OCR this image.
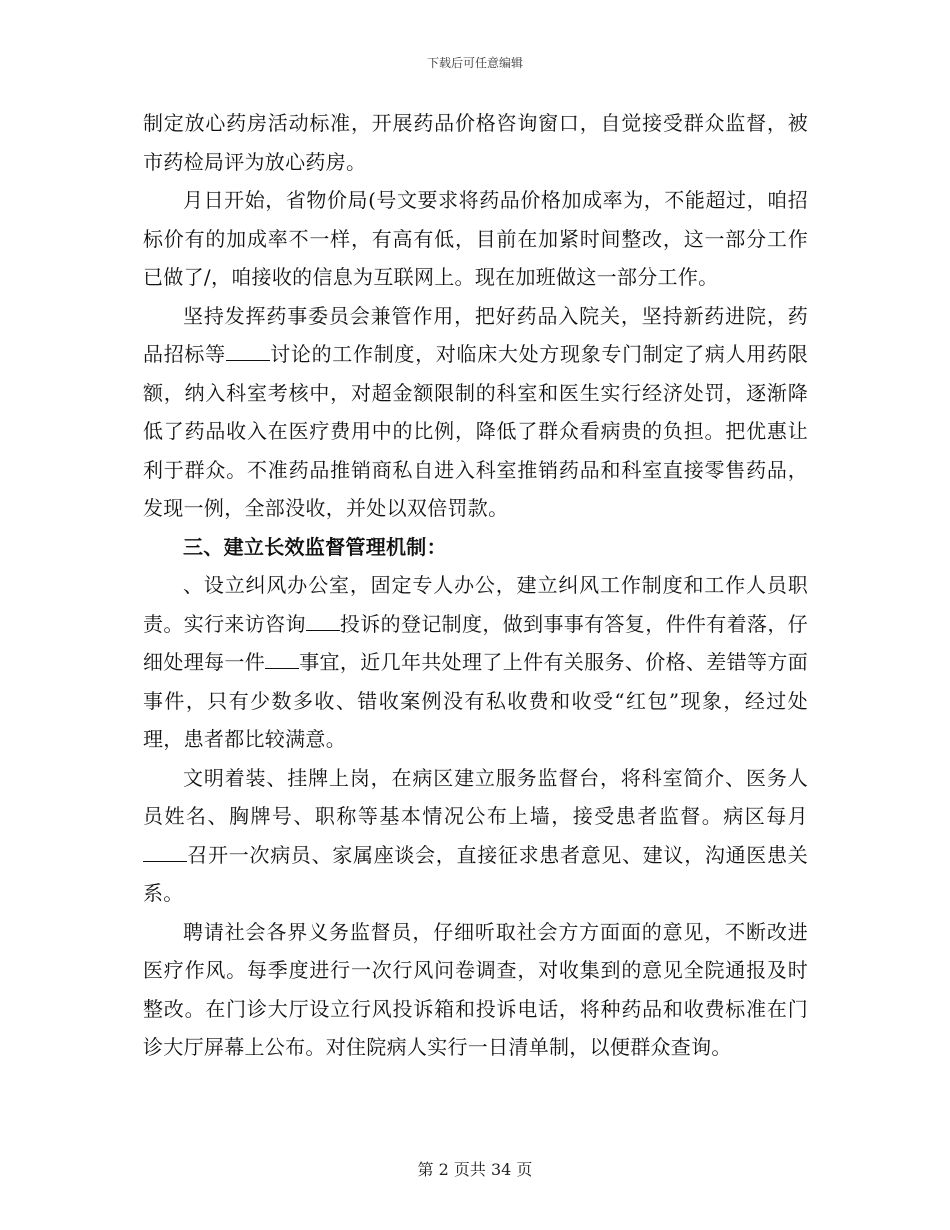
下载后可任意编辑

制定放心药房活动标准，开展药品价格咨询窗口，自觉接受群众监督，被市药检局评为放心药房。

月日开始，省物价局(号文要求将药品价格加成率为，不能超过，咱招标价有的加成率不一样，有高有低，目前在加紧时间整改，这一部分工作已做了/，咱接收的信息为互联网上。现在加班做这一部分工作。

坚持发挥药事委员会兼管作用，把好药品入院关，坚持新药进院，药品招标等 讨论的工作制度，对临床大处方现象专门制定了病人用药限额，纳入科室考核中，对超金额限制的科室和医生实行经济处罚，逐渐降低了药品收入在医疗费用中的比例，降低了群众看病贵的负担。把优惠让利于群众。不准药品推销商私自进入科室推销药品和科室直接零售药品，发现一例，全部没收，并处以双倍罚款。

三、建立长效监督管理机制：

、设立纠风办公室，固定专人办公，建立纠风工作制度和工作人员职责。实行来访咨询 投诉的登记制度，做到事事有答复，件件有着落，仔细处理每一件 事宜，近几年共处理了上件有关服务、价格、差错等方面事件，只有少数多收、错收案例没有私收费和收受“红包”现象，经过处理，患者都比较满意。

文明着装、挂牌上岗，在病区建立服务监督台，将科室简介、医务人员姓名、胸牌号、职称等基本情况公布上墙，接受患者监督。病区每月召开一次病员、家属座谈会，直接征求患者意见、建议，沟通医患关系。

聘请社会各界义务监督员，仔细听取社会方方面面的意见，不断改进医疗作风。每季度进行一次行风问卷调查，对收集到的意见全院通报及时整改。在门诊大厅设立行风投诉箱和投诉电话，将种药品和收费标准在门诊大厅屏幕上公布。对住院病人实行一日清单制，以便群众查询。

第 2 页共 34 页
